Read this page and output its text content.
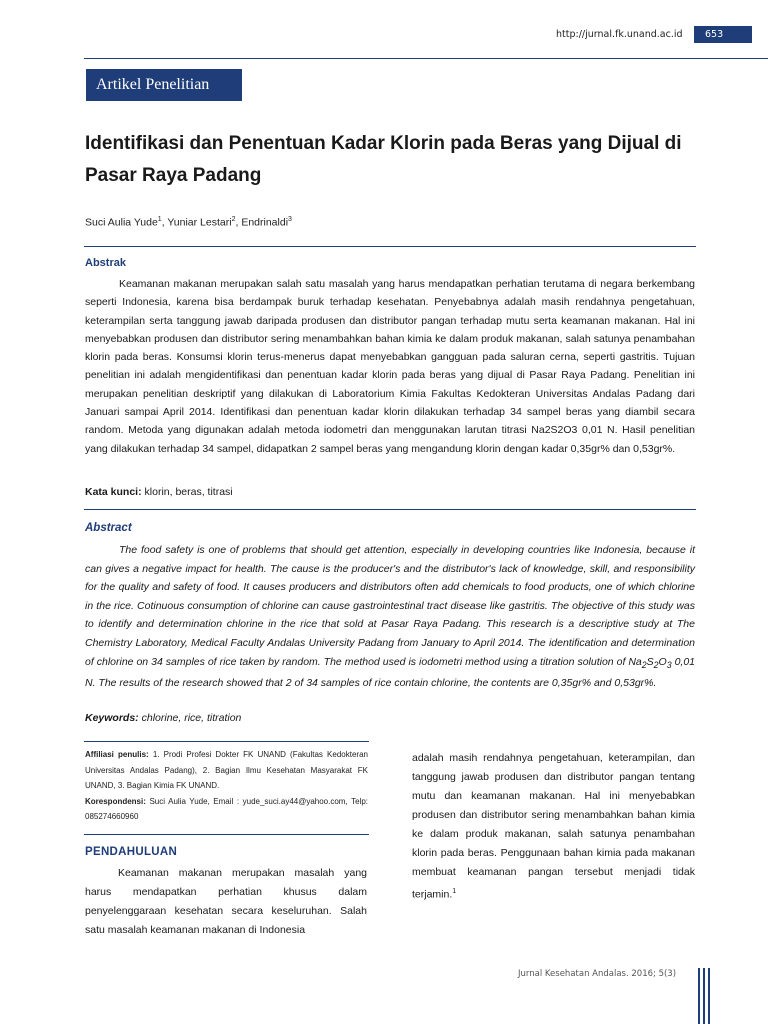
http://jurnal.fk.unand.ac.id	653
Artikel Penelitian
Identifikasi dan Penentuan Kadar Klorin pada Beras yang Dijual di Pasar Raya Padang
Suci Aulia Yude$^1$, Yuniar Lestari$^2$, Endrinaldi$^3$
Abstrak

Keamanan makanan merupakan salah satu masalah yang harus mendapatkan perhatian terutama di negara berkembang seperti Indonesia, karena bisa berdampak buruk terhadap kesehatan. Penyebabnya adalah masih rendahnya pengetahuan, keterampilan serta tanggung jawab daripada produsen dan distributor pangan terhadap mutu serta keamanan makanan. Hal ini menyebabkan produsen dan distributor sering menambahkan bahan kimia ke dalam produk makanan, salah satunya penambahan klorin pada beras. Konsumsi klorin terus-menerus dapat menyebabkan gangguan pada saluran cerna, seperti gastritis. Tujuan penelitian ini adalah mengidentifikasi dan penentuan kadar klorin pada beras yang dijual di Pasar Raya Padang. Penelitian ini merupakan penelitian deskriptif yang dilakukan di Laboratorium Kimia Fakultas Kedokteran Universitas Andalas Padang dari Januari sampai April 2014. Identifikasi dan penentuan kadar klorin dilakukan terhadap 34 sampel beras yang diambil secara random. Metoda yang digunakan adalah metoda iodometri dan menggunakan larutan titrasi Na2S2O3 0,01 N. Hasil penelitian yang dilakukan terhadap 34 sampel, didapatkan 2 sampel beras yang mengandung klorin dengan kadar 0,35gr% dan 0,53gr%.

Kata kunci: klorin, beras, titrasi
Abstract

The food safety is one of problems that should get attention, especially in developing countries like Indonesia, because it can gives a negative impact for health. The cause is the producer's and the distributor's lack of knowledge, skill, and responsibility for the quality and safety of food. It causes producers and distributors often add chemicals to food products, one of which chlorine in the rice. Cotinuous consumption of chlorine can cause gastrointestinal tract disease like gastritis. The objective of this study was to identify and determination chlorine in the rice that sold at Pasar Raya Padang. This research is a descriptive study at The Chemistry Laboratory, Medical Faculty Andalas University Padang from January to April 2014. The identification and determination of chlorine on 34 samples of rice taken by random. The method used is iodometri method using a titration solution of $Na_2S_2O_3$ 0,01 N. The results of the research showed that 2 of 34 samples of rice contain chlorine, the contents are 0,35gr% and 0,53gr%.

Keywords: chlorine, rice, titration
Affiliasi penulis: 1. Prodi Profesi Dokter FK UNAND (Fakultas Kedokteran Universitas Andalas Padang), 2. Bagian Ilmu Kesehatan Masyarakat FK UNAND, 3. Bagian Kimia FK UNAND.
Korespondensi: Suci Aulia Yude, Email : yude_suci.ay44@yahoo.com, Telp: 085274660960
PENDAHULUAN

Keamanan makanan merupakan masalah yang harus mendapatkan perhatian khusus dalam penyelenggaraan kesehatan secara keseluruhan. Salah satu masalah keamanan makanan di Indonesia

adalah masih rendahnya pengetahuan, keterampilan, dan tanggung jawab produsen dan distributor pangan tentang mutu dan keamanan makanan. Hal ini menyebabkan produsen dan distributor sering menambahkan bahan kimia ke dalam produk makanan, salah satunya penambahan klorin pada beras. Penggunaan bahan kimia pada makanan membuat keamanan pangan tersebut menjadi tidak terjamin.$^1$

Jurnal Kesehatan Andalas. 2016; 5(3)
